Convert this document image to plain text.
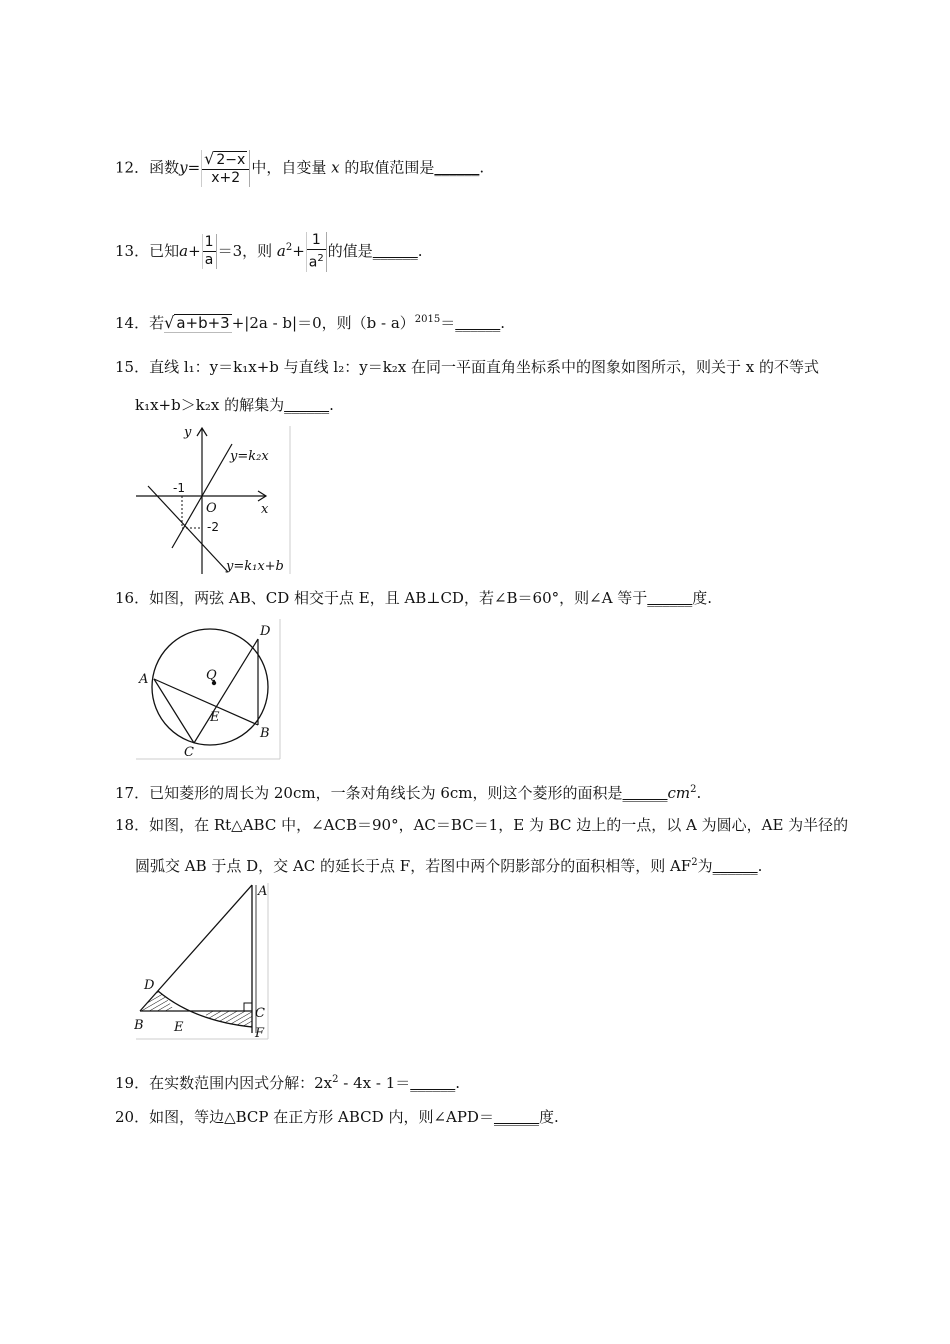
12．函数$y= \frac{√ 2-x}{x+2}$ 中，自变量 x 的取值范围是______.
13．已知$a+ \frac{1}{a} =3$，则 $a^2+ \frac{1}{a^2}$ 的值是______.
14．若√ a+b+3 +|2a - b|＝0，则（b - a）$^{2015}$＝______.
15．直线 l₁：y＝k₁x+b 与直线 l₂：y＝k₂x 在同一平面直角坐标系中的图象如图所示，则关于 x 的不等式
k₁x+b＞k₂x 的解集为______.
y
x
O
-1
-2
y=k₂x
y=k₁x+b
16．如图，两弦 AB、CD 相交于点 E，且 AB⊥CD，若∠B＝60°，则∠A 等于______度.
A
B
C
D
E
Q
17．已知菱形的周长为 20cm，一条对角线长为 6cm，则这个菱形的面积是$\_\_\_\_\_\_cm^2$.
18．如图，在 Rt△ABC 中，∠ACB＝90°，AC＝BC＝1，E 为 BC 边上的一点，以 A 为圆心，AE 为半径的
圆弧交 AB 于点 D，交 AC 的延长于点 F，若图中两个阴影部分的面积相等，则 $AF^2$为______.
A
B
C
D
E	F
19．在实数范围内因式分解：$2x^2 - 4x$ - 1＝______.
20．如图，等边△BCP 在正方形 ABCD 内，则∠APD＝______度.
